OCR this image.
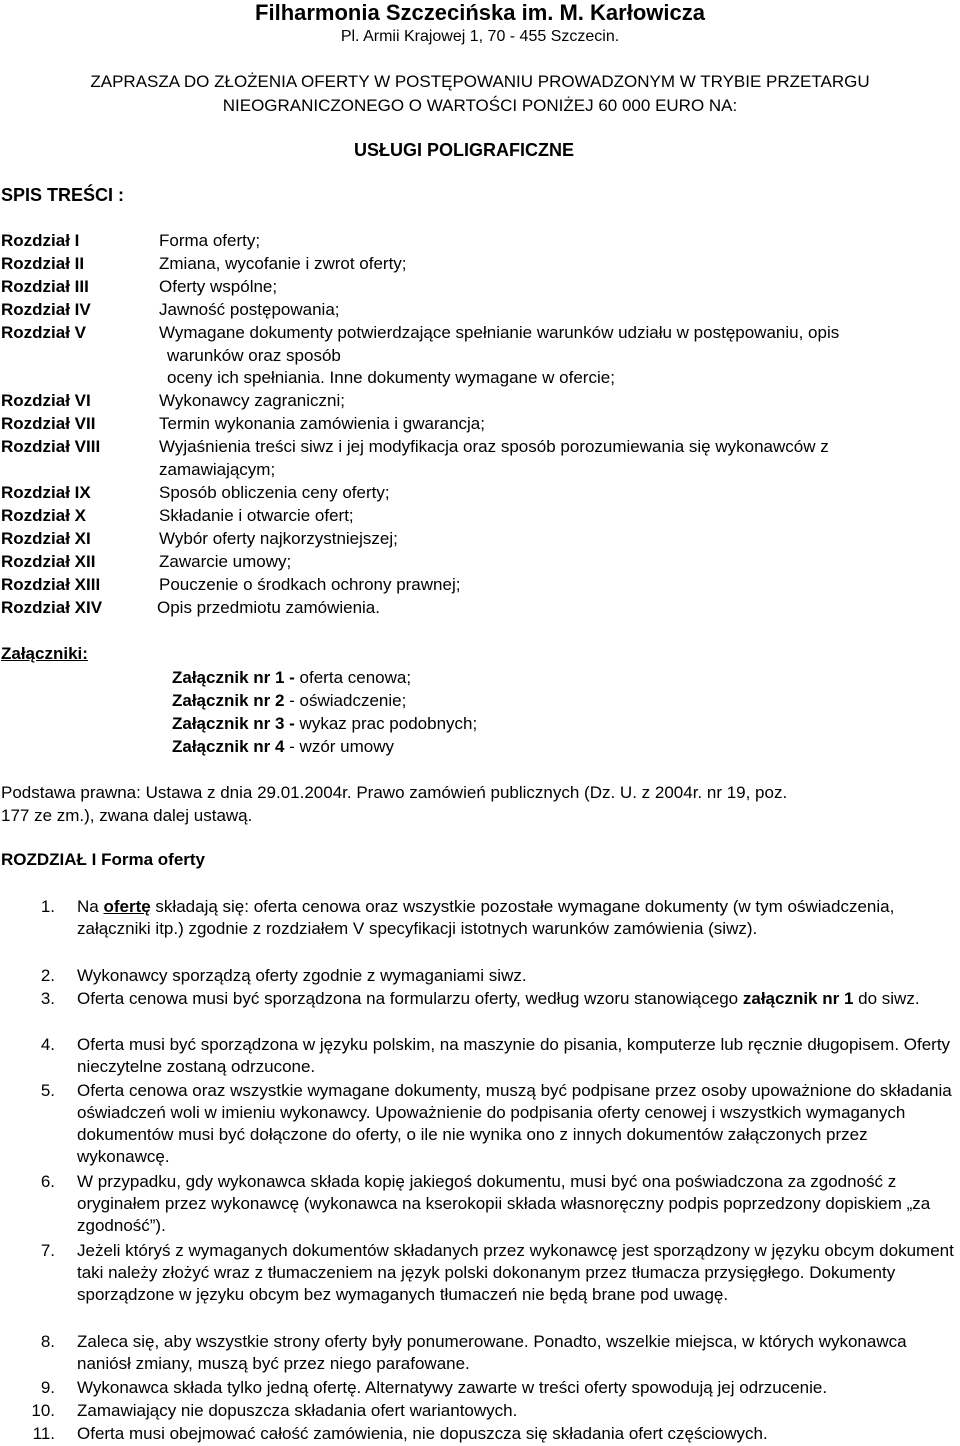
Filharmonia Szczecińska im. M. Karłowicza
Pl. Armii Krajowej 1, 70 - 455 Szczecin.
ZAPRASZA DO ZŁOŻENIA OFERTY W POSTĘPOWANIU PROWADZONYM W TRYBIE PRZETARGU
NIEOGRANICZONEGO O WARTOŚCI PONIŻEJ 60 000 EURO NA:
USŁUGI POLIGRAFICZNE
SPIS TREŚCI :
Rozdział I	Forma oferty;
Rozdział II	Zmiana, wycofanie i zwrot oferty;
Rozdział III	Oferty wspólne;
Rozdział IV	Jawność postępowania;
Rozdział V	Wymagane dokumenty potwierdzające spełnianie warunków udziału w postępowaniu, opis
warunków oraz sposób
oceny ich spełniania. Inne dokumenty wymagane w ofercie;
Rozdział VI	Wykonawcy zagraniczni;
Rozdział VII	Termin wykonania zamówienia i gwarancja;
Rozdział VIII	Wyjaśnienia treści siwz i jej modyfikacja oraz sposób porozumiewania się wykonawców z
zamawiającym;
Rozdział IX	Sposób obliczenia ceny oferty;
Rozdział X	Składanie i otwarcie ofert;
Rozdział XI	Wybór oferty najkorzystniejszej;
Rozdział XII	Zawarcie umowy;
Rozdział XIII	Pouczenie o środkach ochrony prawnej;
Rozdział XIV	Opis przedmiotu zamówienia.
Załączniki:
Załącznik nr 1 - oferta cenowa;
Załącznik nr 2 - oświadczenie;
Załącznik nr 3 - wykaz prac podobnych;
Załącznik nr 4 - wzór umowy
Podstawa prawna: Ustawa z dnia 29.01.2004r. Prawo zamówień publicznych (Dz. U. z 2004r. nr 19, poz.
177 ze zm.), zwana dalej ustawą.
ROZDZIAŁ I Forma oferty
1. Na ofertę składają się: oferta cenowa oraz wszystkie pozostałe wymagane dokumenty (w tym oświadczenia, załączniki itp.) zgodnie z rozdziałem V specyfikacji istotnych warunków zamówienia (siwz).
2. Wykonawcy sporządzą oferty zgodnie z wymaganiami siwz.
3. Oferta cenowa musi być sporządzona na formularzu oferty, według wzoru stanowiącego załącznik nr 1 do siwz.
4. Oferta musi być sporządzona w języku polskim, na maszynie do pisania, komputerze lub ręcznie długopisem. Oferty nieczytelne zostaną odrzucone.
5. Oferta cenowa oraz wszystkie wymagane dokumenty, muszą być podpisane przez osoby upoważnione do składania oświadczeń woli w imieniu wykonawcy. Upoważnienie do podpisania oferty cenowej i wszystkich wymaganych dokumentów musi być dołączone do oferty, o ile nie wynika ono z innych dokumentów załączonych przez wykonawcę.
6. W przypadku, gdy wykonawca składa kopię jakiegoś dokumentu, musi być ona poświadczona za zgodność z oryginałem przez wykonawcę (wykonawca na kserokopii składa własnoręczny podpis poprzedzony dopiskiem „za zgodność”).
7. Jeżeli któryś z wymaganych dokumentów składanych przez wykonawcę jest sporządzony w języku obcym dokument taki należy złożyć wraz z tłumaczeniem na język polski dokonanym przez tłumacza przysięgłego. Dokumenty sporządzone w języku obcym bez wymaganych tłumaczeń nie będą brane pod uwagę.
8. Zaleca się, aby wszystkie strony oferty były ponumerowane. Ponadto, wszelkie miejsca, w których wykonawca naniósł zmiany, muszą być przez niego parafowane.
9. Wykonawca składa tylko jedną ofertę. Alternatywy zawarte w treści oferty spowodują jej odrzucenie.
10. Zamawiający nie dopuszcza składania ofert wariantowych.
11. Oferta musi obejmować całość zamówienia, nie dopuszcza się składania ofert częściowych.
